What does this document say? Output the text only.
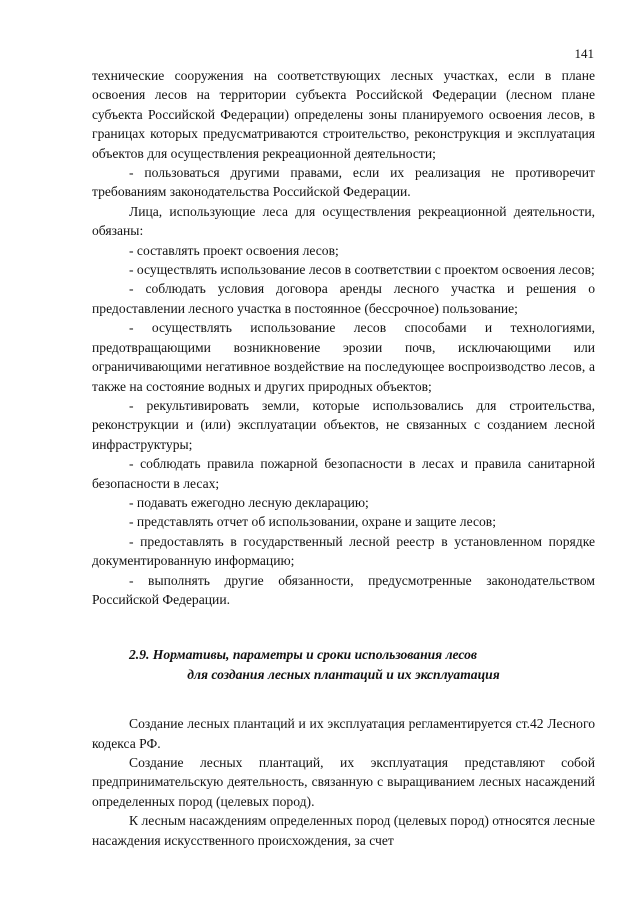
141

технические сооружения на соответствующих лесных участках, если в плане освоения лесов на территории субъекта Российской Федерации (лесном плане субъекта Российской Федерации) определены зоны планируемого освоения лесов, в границах которых предусматриваются строительство, реконструкция и эксплуатация объектов для осуществления рекреационной деятельности;

- пользоваться другими правами, если их реализация не противоречит требованиям законодательства Российской Федерации.

Лица, использующие леса для осуществления рекреационной деятельности, обязаны:

- составлять проект освоения лесов;

- осуществлять использование лесов в соответствии с проектом освоения лесов;

- соблюдать условия договора аренды лесного участка и решения о предоставлении лесного участка в постоянное (бессрочное) пользование;

- осуществлять использование лесов способами и технологиями, предотвращающими возникновение эрозии почв, исключающими или ограничивающими негативное воздействие на последующее воспроизводство лесов, а также на состояние водных и других природных объектов;

- рекультивировать земли, которые использовались для строительства, реконструкции и (или) эксплуатации объектов, не связанных с созданием лесной инфраструктуры;

- соблюдать правила пожарной безопасности в лесах и правила санитарной безопасности в лесах;

- подавать ежегодно лесную декларацию;

- представлять отчет об использовании, охране и защите лесов;

- предоставлять в государственный лесной реестр в установленном порядке документированную информацию;

- выполнять другие обязанности, предусмотренные законодательством Российской Федерации.

2.9. Нормативы, параметры и сроки использования лесов
для создания лесных плантаций и их эксплуатация

Создание лесных плантаций и их эксплуатация регламентируется ст.42 Лесного кодекса РФ.

Создание лесных плантаций, их эксплуатация представляют собой предпринимательскую деятельность, связанную с выращиванием лесных насаждений определенных пород (целевых пород).

К лесным насаждениям определенных пород (целевых пород) относятся лесные насаждения искусственного происхождения, за счет
